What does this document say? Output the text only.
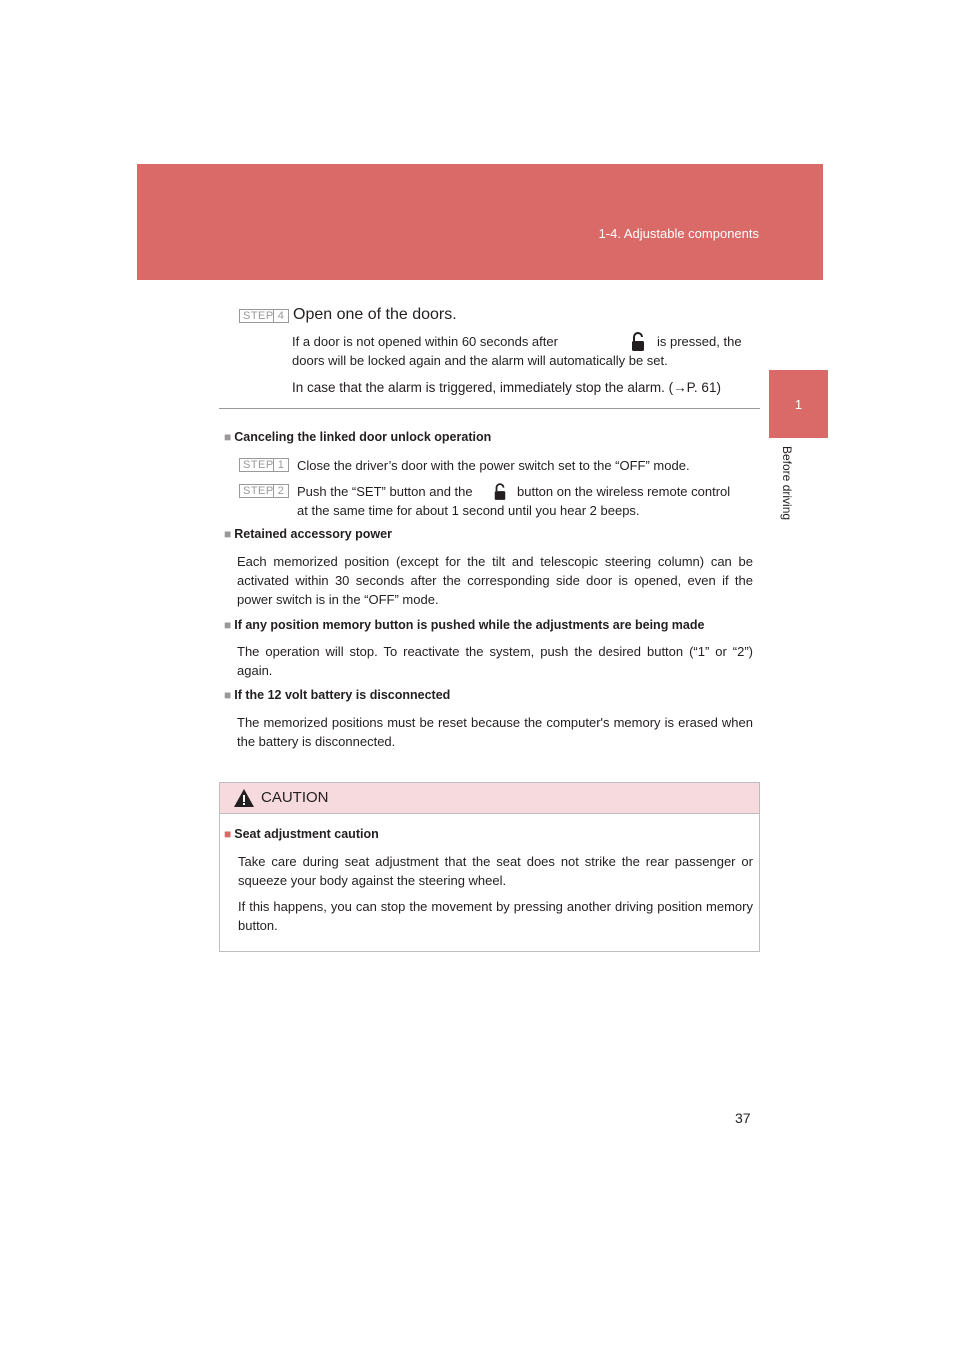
1-4. Adjustable components
1
Before driving
STEP 4 Open one of the doors.
If a door is not opened within 60 seconds after	is pressed, the
doors will be locked again and the alarm will automatically be set.
In case that the alarm is triggered, immediately stop the alarm. (→P. 61)
■ Canceling the linked door unlock operation
STEP 1 Close the driver’s door with the power switch set to the “OFF” mode.
STEP 2 Push the “SET” button and the	button on the wireless remote control
at the same time for about 1 second until you hear 2 beeps.
■ Retained accessory power
Each memorized position (except for the tilt and telescopic steering column) can be activated within 30 seconds after the corresponding side door is opened, even if the power switch is in the “OFF” mode.
■ If any position memory button is pushed while the adjustments are being made
The operation will stop. To reactivate the system, push the desired button (“1” or “2”) again.
■ If the 12 volt battery is disconnected
The memorized positions must be reset because the computer's memory is erased when the battery is disconnected.
CAUTION
■ Seat adjustment caution
Take care during seat adjustment that the seat does not strike the rear passenger or squeeze your body against the steering wheel.
If this happens, you can stop the movement by pressing another driving position memory button.
37
